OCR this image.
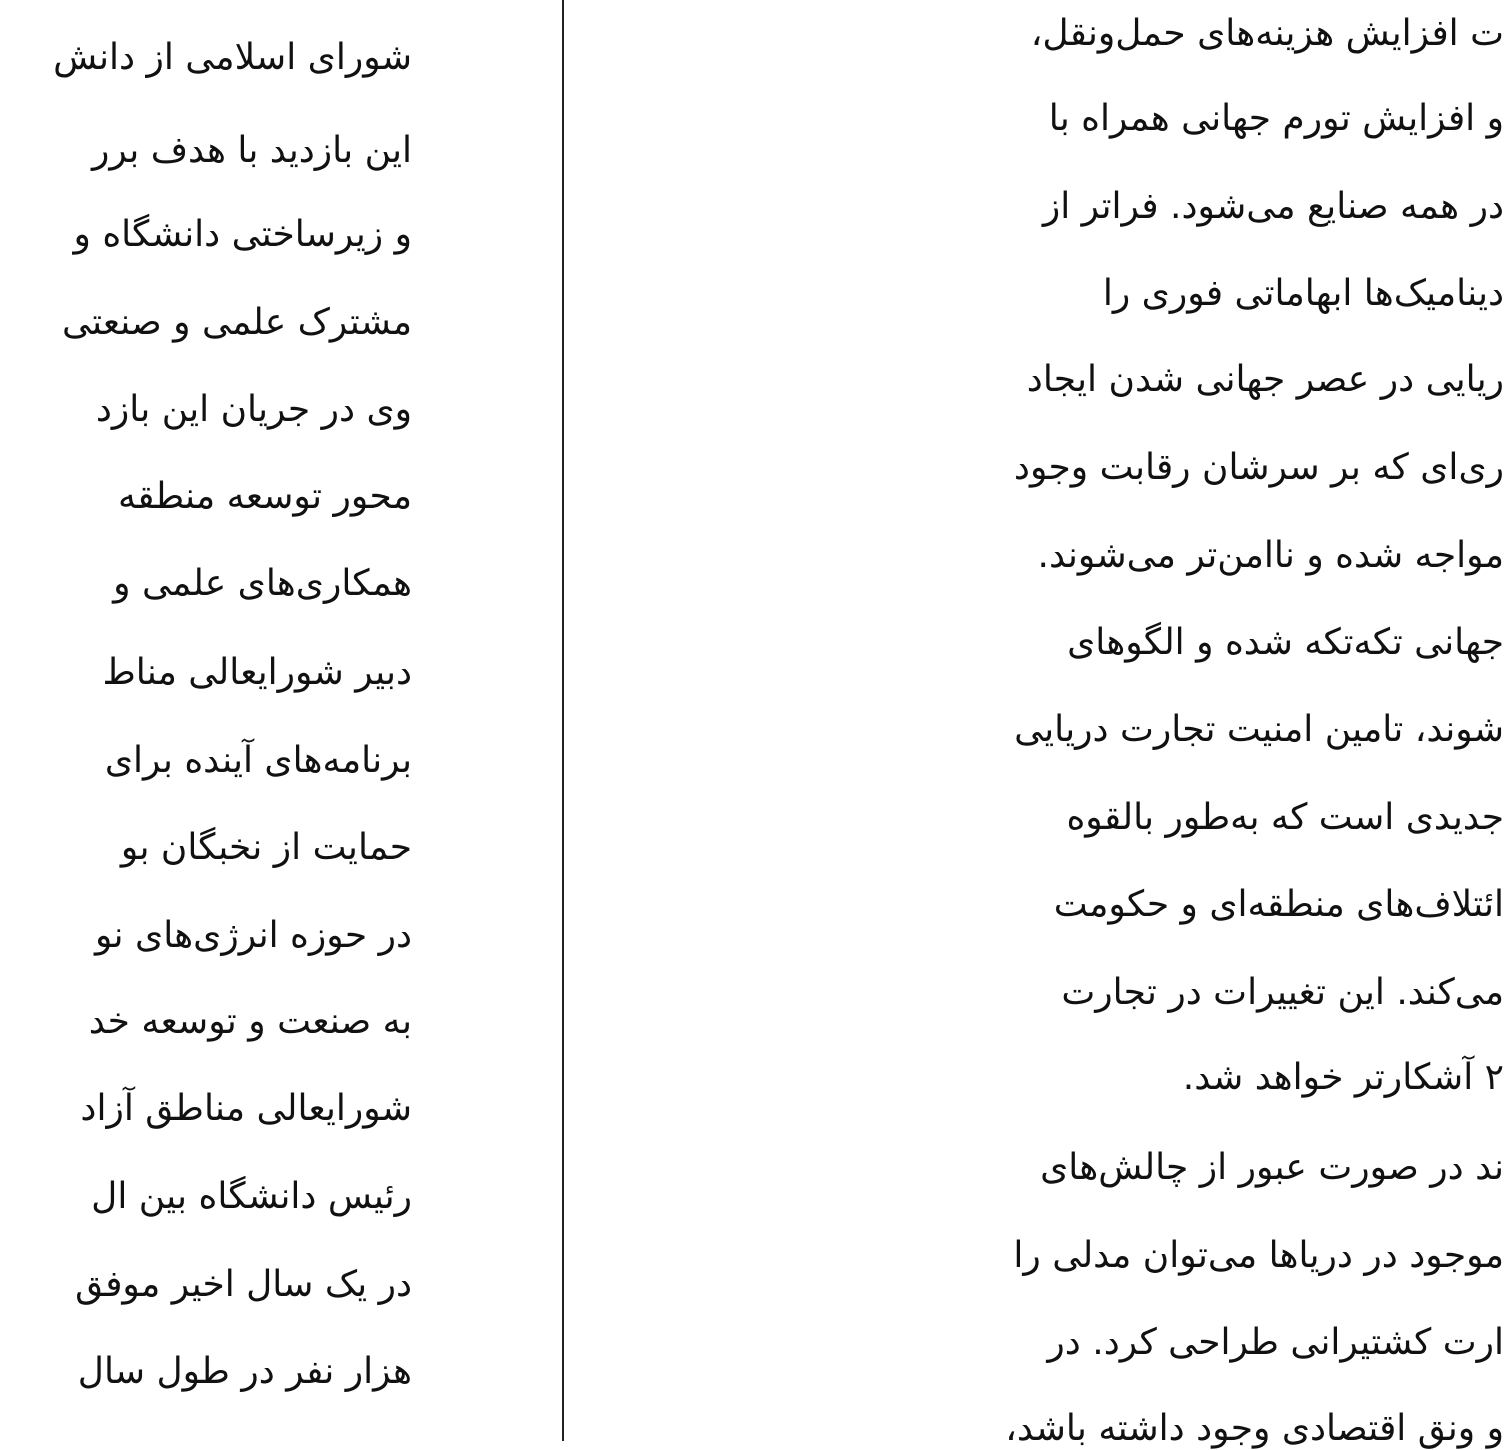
شورای اسلامی از دانش
این بازدید با هدف برر
و زیرساختی دانشگاه و
مشترک علمی و صنعتی
وی در جریان این بازد
محور توسعه منطقه
همکاری‌های علمی و
دبیر شورایعالی مناط
برنامه‌های آینده برای
حمایت از نخبگان بو
در حوزه انرژی‌های نو
به صنعت و توسعه خد
شورایعالی مناطق آزاد
رئیس دانشگاه بین ال
در یک سال اخیر موفق
هزار نفر در طول سال
ت افزایش هزینه‌های حمل‌ونقل،
و افزایش تورم جهانی همراه با
در همه صنایع می‌شود. فراتر از
دینامیک‌ها ابهاماتی فوری را
ریایی در عصر جهانی شدن ایجاد
ری‌ای که بر سرشان رقابت وجود
مواجه شده و ناامن‌تر می‌شوند.
جهانی تکه‌تکه شده و الگوهای
شوند، تامین امنیت تجارت دریایی
جدیدی است که به‌طور بالقوه
ائتلاف‌های منطقه‌ای و حکومت
می‌کند. این تغییرات در تجارت
۲ آشکارتر خواهد شد.
ند در صورت عبور از چالش‌های
موجود در دریاها می‌توان مدلی را
ارت کشتیرانی طراحی کرد. در
و ونق اقتصادی وجود داشته باشد،
